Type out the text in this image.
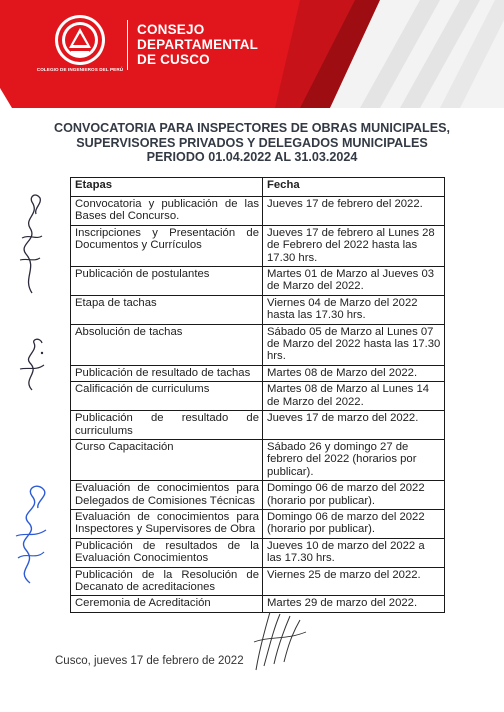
COLEGIO DE INGENIEROS DEL PERÚ
CONSEJO
DEPARTAMENTAL
DE CUSCO
CONVOCATORIA PARA INSPECTORES DE OBRAS MUNICIPALES,
SUPERVISORES PRIVADOS Y DELEGADOS MUNICIPALES
PERIODO 01.04.2022 AL 31.03.2024
Etapas	Fecha
Convocatoria y publicación de las Bases del Concurso.	Jueves 17 de febrero del 2022.
Inscripciones y Presentación de Documentos y Currículos	Jueves 17 de febrero al Lunes 28 de Febrero del 2022 hasta las 17.30 hrs.
Publicación de postulantes	Martes 01 de Marzo al Jueves 03 de Marzo del 2022.
Etapa de tachas	Viernes 04 de Marzo del 2022 hasta las 17.30 hrs.
Absolución de tachas	Sábado 05 de Marzo al Lunes 07 de Marzo del 2022 hasta las 17.30 hrs.
Publicación de resultado de tachas	Martes 08 de Marzo del 2022.
Calificación de curriculums	Martes 08 de Marzo al Lunes 14 de Marzo del 2022.
Publicación de resultado de curriculums	Jueves 17 de marzo del 2022.
Curso Capacitación	Sábado 26 y domingo 27 de febrero del 2022 (horarios por publicar).
Evaluación de conocimientos para Delegados de Comisiones Técnicas	Domingo 06 de marzo del 2022 (horario por publicar).
Evaluación de conocimientos para Inspectores y Supervisores de Obra	Domingo 06 de marzo del 2022 (horario por publicar).
Publicación de resultados de la Evaluación Conocimientos	Jueves 10 de marzo del 2022 a las 17.30 hrs.
Publicación de la Resolución de Decanato de acreditaciones	Viernes 25 de marzo del 2022.
Ceremonia de Acreditación	Martes 29 de marzo del 2022.
Cusco, jueves 17 de febrero de 2022
